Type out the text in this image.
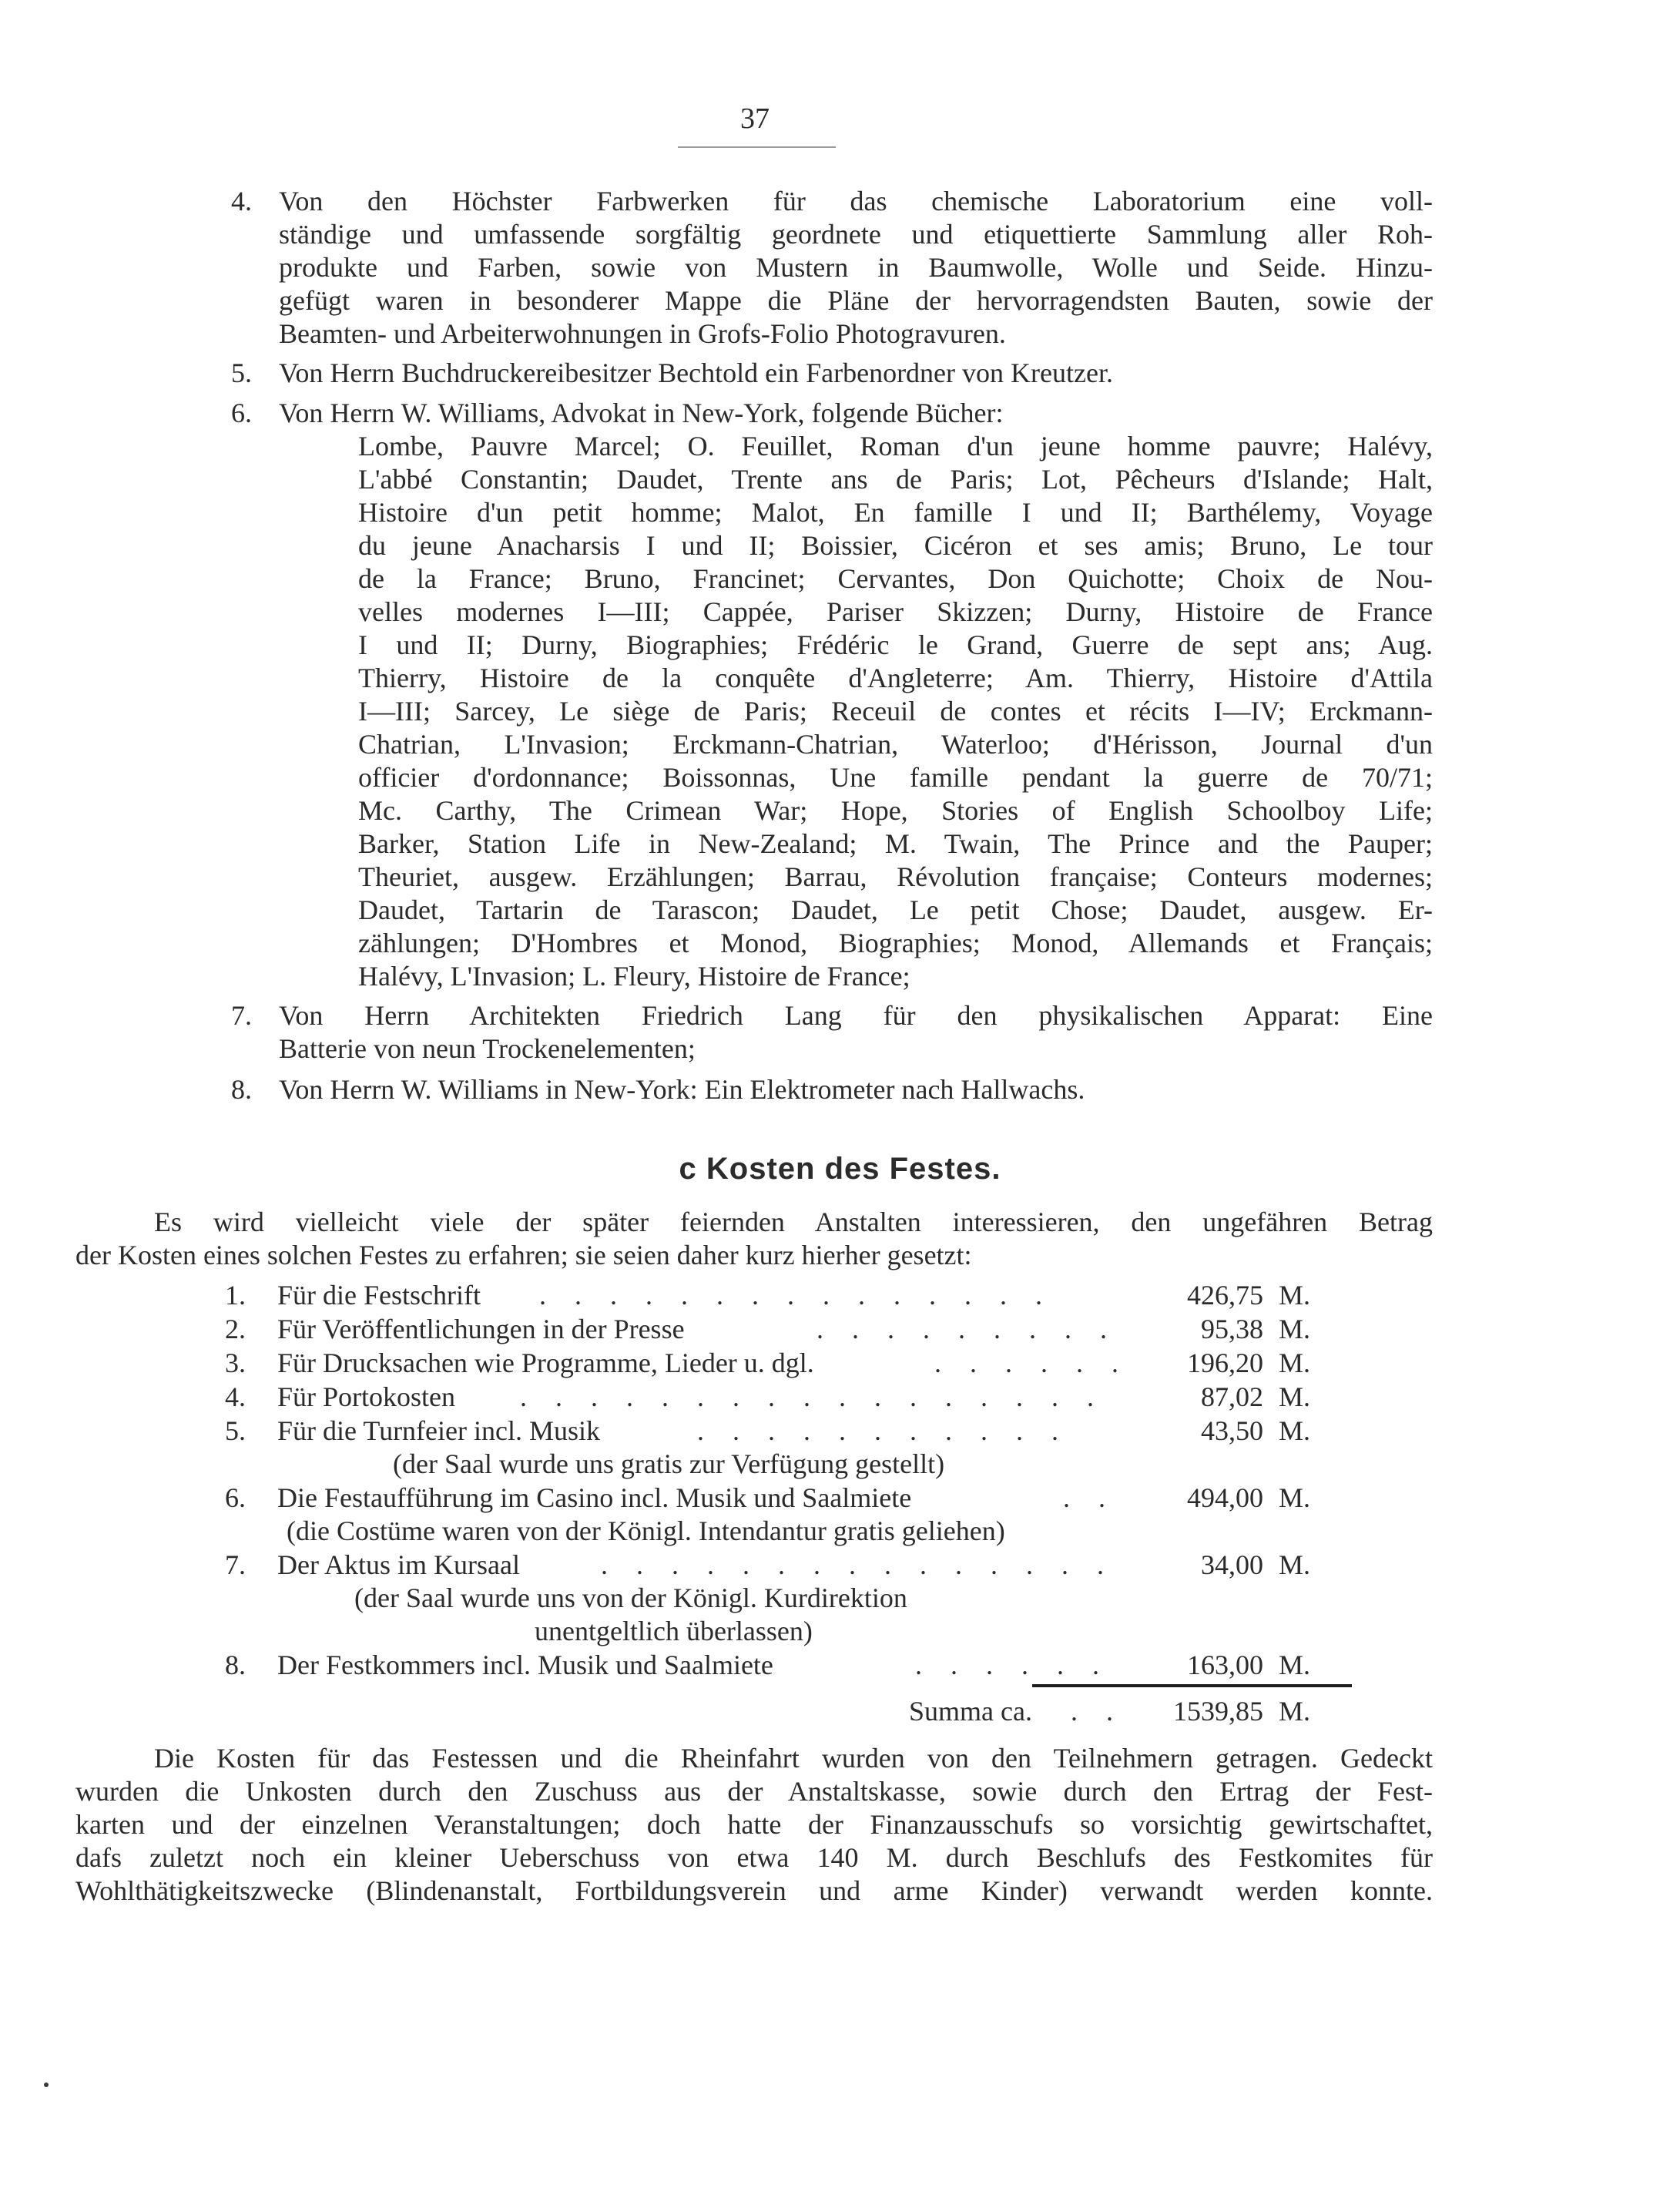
37
4. Von den Höchster Farbwerken für das chemische Laboratorium eine voll-
ständige und umfassende sorgfältig geordnete und etiquettierte Sammlung aller Roh-
produkte und Farben, sowie von Mustern in Baumwolle, Wolle und Seide. Hinzu-
gefügt waren in besonderer Mappe die Pläne der hervorragendsten Bauten, sowie der
Beamten- und Arbeiterwohnungen in Grofs-Folio Photogravuren.
5. Von Herrn Buchdruckereibesitzer Bechtold ein Farbenordner von Kreutzer.
6. Von Herrn W. Williams, Advokat in New-York, folgende Bücher:
Lombe, Pauvre Marcel; O. Feuillet, Roman d'un jeune homme pauvre; Halévy,
L'abbé Constantin; Daudet, Trente ans de Paris; Lot, Pêcheurs d'Islande; Halt,
Histoire d'un petit homme; Malot, En famille I und II; Barthélemy, Voyage
du jeune Anacharsis I und II; Boissier, Cicéron et ses amis; Bruno, Le tour
de la France; Bruno, Francinet; Cervantes, Don Quichotte; Choix de Nou-
velles modernes I—III; Cappée, Pariser Skizzen; Durny, Histoire de France
I und II; Durny, Biographies; Frédéric le Grand, Guerre de sept ans; Aug.
Thierry, Histoire de la conquête d'Angleterre; Am. Thierry, Histoire d'Attila
I—III; Sarcey, Le siège de Paris; Receuil de contes et récits I—IV; Erckmann-
Chatrian, L'Invasion; Erckmann-Chatrian, Waterloo; d'Hérisson, Journal d'un
officier d'ordonnance; Boissonnas, Une famille pendant la guerre de 70/71;
Mc. Carthy, The Crimean War; Hope, Stories of English Schoolboy Life;
Barker, Station Life in New-Zealand; M. Twain, The Prince and the Pauper;
Theuriet, ausgew. Erzählungen; Barrau, Révolution française; Conteurs modernes;
Daudet, Tartarin de Tarascon; Daudet, Le petit Chose; Daudet, ausgew. Er-
zählungen; D'Hombres et Monod, Biographies; Monod, Allemands et Français;
Halévy, L'Invasion; L. Fleury, Histoire de France;
7. Von Herrn Architekten Friedrich Lang für den physikalischen Apparat: Eine
Batterie von neun Trockenelementen;
8. Von Herrn W. Williams in New-York: Ein Elektrometer nach Hallwachs.
c Kosten des Festes.
Es wird vielleicht viele der später feiernden Anstalten interessieren, den ungefähren Betrag
der Kosten eines solchen Festes zu erfahren; sie seien daher kurz hierher gesetzt:
1. Für die Festschrift . . . . . . . . . . . . . . .	426,75 M.
2. Für Veröffentlichungen in der Presse	. . . . . . . . .	95,38 M.
3. Für Drucksachen wie Programme, Lieder u. dgl.	. . . . . .	196,20 M.
4. Für Portokosten . . . . . . . . . . . . . . . . .	87,02 M.
5. Für die Turnfeier incl. Musik	. . . . . . . . . . .	43,50 M.
(der Saal wurde uns gratis zur Verfügung gestellt)
6. Die Festaufführung im Casino incl. Musik und Saalmiete	. .	494,00 M.
(die Costüme waren von der Königl. Intendantur gratis geliehen)
7. Der Aktus im Kursaal	. . . . . . . . . . . . . . .	34,00 M.
(der Saal wurde uns von der Königl. Kurdirektion
unentgeltlich überlassen)
8. Der Festkommers incl. Musik und Saalmiete	. . . . . .	163,00 M.
Summa ca. . .	1539,85 M.
Die Kosten für das Festessen und die Rheinfahrt wurden von den Teilnehmern getragen. Gedeckt
wurden die Unkosten durch den Zuschuss aus der Anstaltskasse, sowie durch den Ertrag der Fest-
karten und der einzelnen Veranstaltungen; doch hatte der Finanzausschufs so vorsichtig gewirtschaftet,
dafs zuletzt noch ein kleiner Ueberschuss von etwa 140 M. durch Beschlufs des Festkomites für
Wohlthätigkeitszwecke (Blindenanstalt, Fortbildungsverein und arme Kinder) verwandt werden konnte.
